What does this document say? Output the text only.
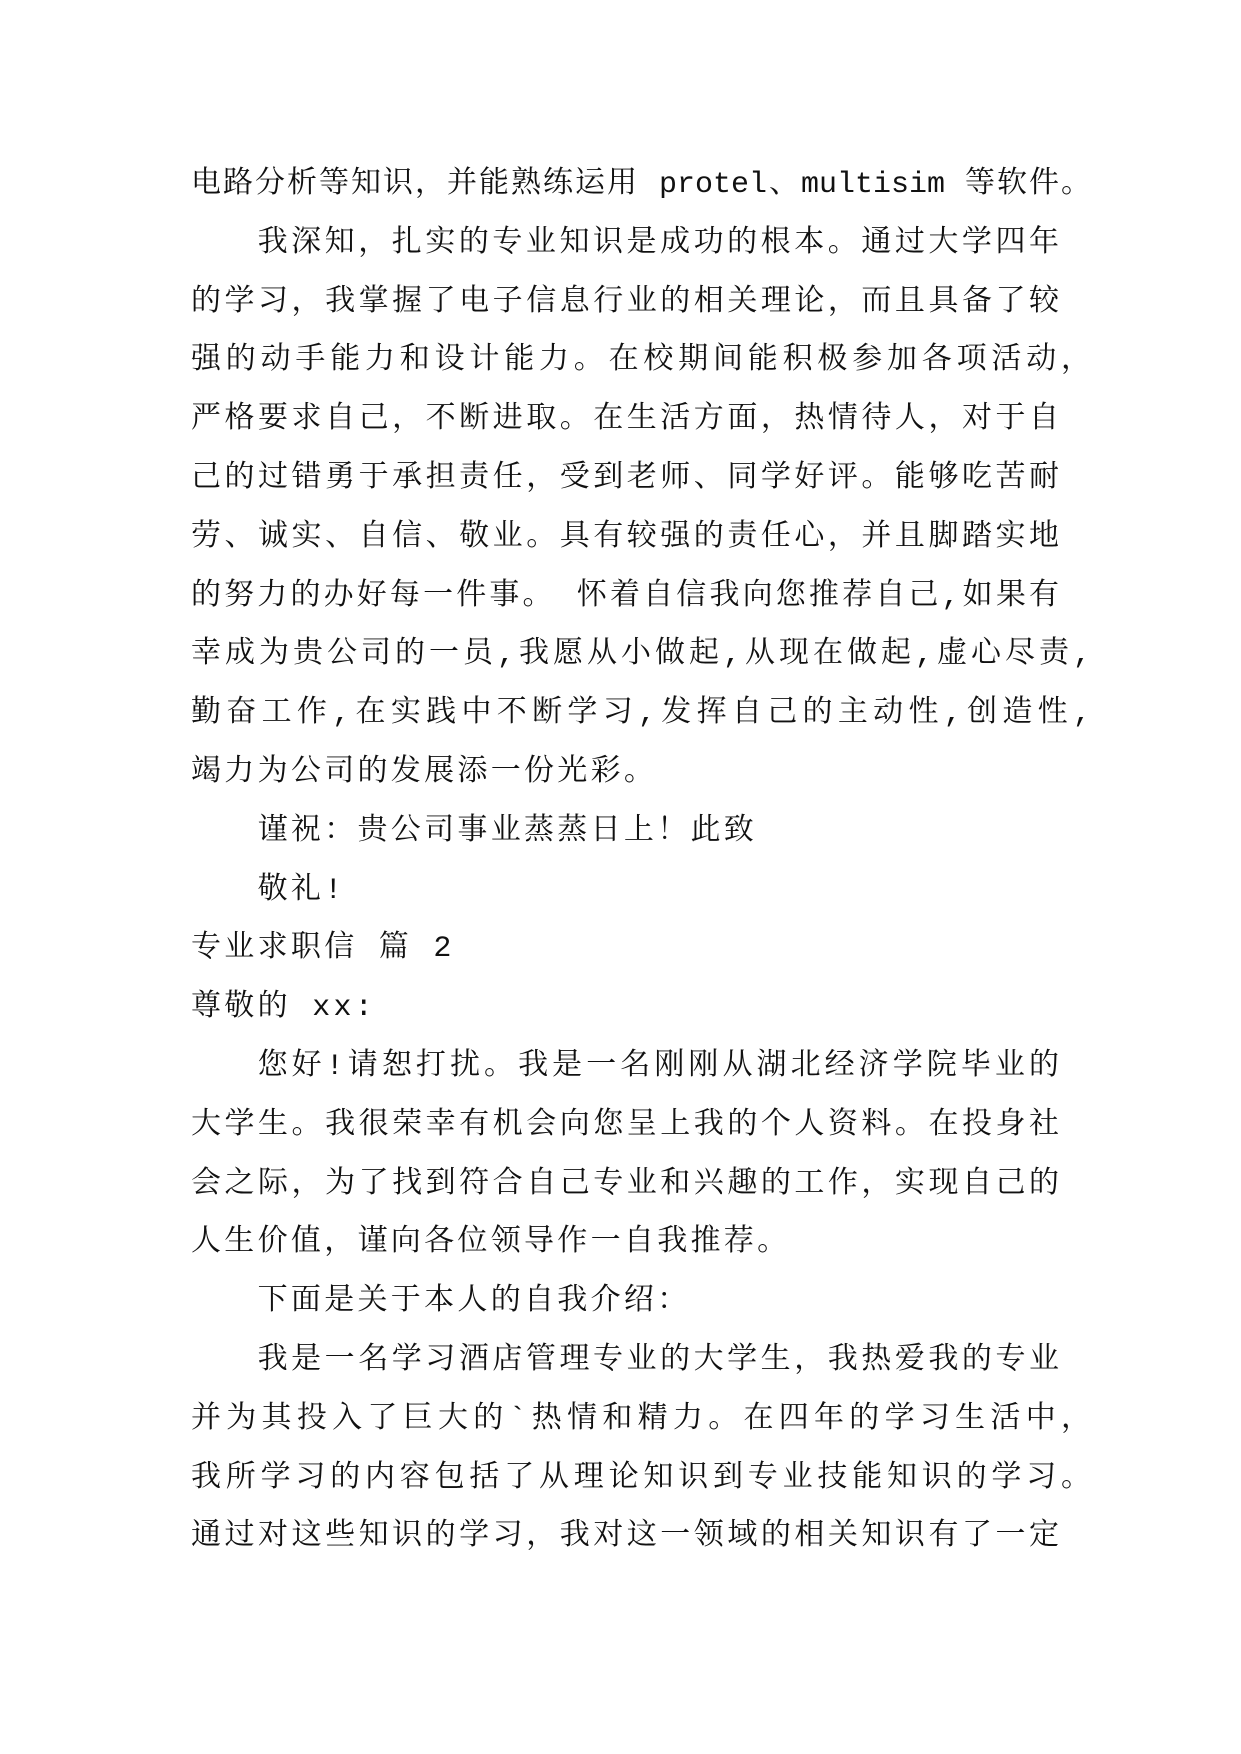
电路分析等知识，并能熟练运用 protel、multisim 等软件。
我深知，扎实的专业知识是成功的根本。通过大学四年
的学习，我掌握了电子信息行业的相关理论，而且具备了较
强的动手能力和设计能力。在校期间能积极参加各项活动，
严格要求自己，不断进取。在生活方面，热情待人，对于自
己的过错勇于承担责任，受到老师、同学好评。能够吃苦耐
劳、诚实、自信、敬业。具有较强的责任心，并且脚踏实地
的努力的办好每一件事。 怀着自信我向您推荐自己,如果有
幸成为贵公司的一员,我愿从小做起,从现在做起,虚心尽责,
勤奋工作,在实践中不断学习,发挥自己的主动性,创造性,
竭力为公司的发展添一份光彩。
谨祝：贵公司事业蒸蒸日上！此致
敬礼!
专业求职信 篇 2
尊敬的 xx:
您好!请恕打扰。我是一名刚刚从湖北经济学院毕业的
大学生。我很荣幸有机会向您呈上我的个人资料。在投身社
会之际，为了找到符合自己专业和兴趣的工作，实现自己的
人生价值，谨向各位领导作一自我推荐。
下面是关于本人的自我介绍：
我是一名学习酒店管理专业的大学生，我热爱我的专业
并为其投入了巨大的`热情和精力。在四年的学习生活中，
我所学习的内容包括了从理论知识到专业技能知识的学习。
通过对这些知识的学习，我对这一领域的相关知识有了一定
